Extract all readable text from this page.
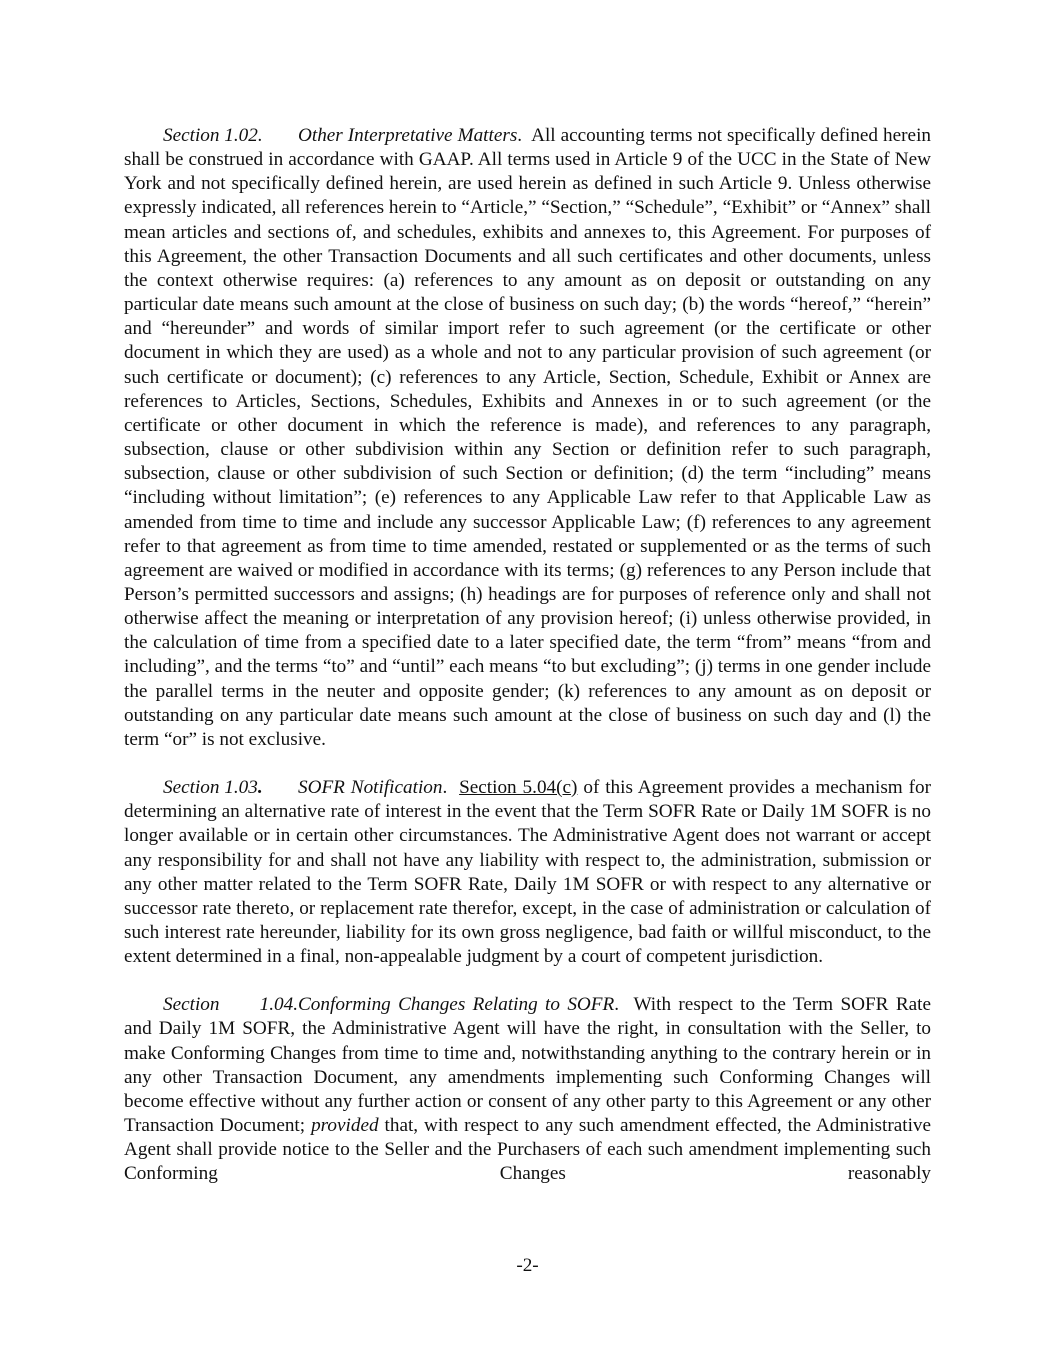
Section 1.02. Other Interpretative Matters. All accounting terms not specifically defined herein shall be construed in accordance with GAAP. All terms used in Article 9 of the UCC in the State of New York and not specifically defined herein, are used herein as defined in such Article 9. Unless otherwise expressly indicated, all references herein to “Article,” “Section,” “Schedule”, “Exhibit” or “Annex” shall mean articles and sections of, and schedules, exhibits and annexes to, this Agreement. For purposes of this Agreement, the other Transaction Documents and all such certificates and other documents, unless the context otherwise requires: (a) references to any amount as on deposit or outstanding on any particular date means such amount at the close of business on such day; (b) the words “hereof,” “herein” and “hereunder” and words of similar import refer to such agreement (or the certificate or other document in which they are used) as a whole and not to any particular provision of such agreement (or such certificate or document); (c) references to any Article, Section, Schedule, Exhibit or Annex are references to Articles, Sections, Schedules, Exhibits and Annexes in or to such agreement (or the certificate or other document in which the reference is made), and references to any paragraph, subsection, clause or other subdivision within any Section or definition refer to such paragraph, subsection, clause or other subdivision of such Section or definition; (d) the term “including” means “including without limitation”; (e) references to any Applicable Law refer to that Applicable Law as amended from time to time and include any successor Applicable Law; (f) references to any agreement refer to that agreement as from time to time amended, restated or supplemented or as the terms of such agreement are waived or modified in accordance with its terms; (g) references to any Person include that Person’s permitted successors and assigns; (h) headings are for purposes of reference only and shall not otherwise affect the meaning or interpretation of any provision hereof; (i) unless otherwise provided, in the calculation of time from a specified date to a later specified date, the term “from” means “from and including”, and the terms “to” and “until” each means “to but excluding”; (j) terms in one gender include the parallel terms in the neuter and opposite gender; (k) references to any amount as on deposit or outstanding on any particular date means such amount at the close of business on such day and (l) the term “or” is not exclusive.

Section 1.03. SOFR Notification. Section 5.04(c) of this Agreement provides a mechanism for determining an alternative rate of interest in the event that the Term SOFR Rate or Daily 1M SOFR is no longer available or in certain other circumstances. The Administrative Agent does not warrant or accept any responsibility for and shall not have any liability with respect to, the administration, submission or any other matter related to the Term SOFR Rate, Daily 1M SOFR or with respect to any alternative or successor rate thereto, or replacement rate therefor, except, in the case of administration or calculation of such interest rate hereunder, liability for its own gross negligence, bad faith or willful misconduct, to the extent determined in a final, non-appealable judgment by a court of competent jurisdiction.

Section 1.04.Conforming Changes Relating to SOFR. With respect to the Term SOFR Rate and Daily 1M SOFR, the Administrative Agent will have the right, in consultation with the Seller, to make Conforming Changes from time to time and, notwithstanding anything to the contrary herein or in any other Transaction Document, any amendments implementing such Conforming Changes will become effective without any further action or consent of any other party to this Agreement or any other Transaction Document; provided that, with respect to any such amendment effected, the Administrative Agent shall provide notice to the Seller and the Purchasers of each such amendment implementing such Conforming Changes reasonably

-2-
